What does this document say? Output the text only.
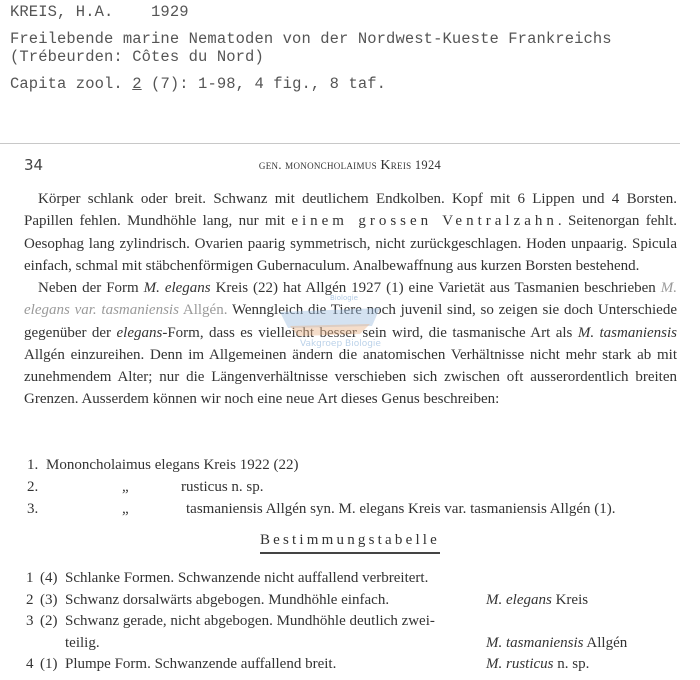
KREIS, H.A. 1929
Freilebende marine Nematoden von der Nordwest-Kueste Frankreichs
(Trébeurden: Côtes du Nord)
Capita zool. 2 (7): 1-98, 4 fig., 8 taf.
34	gen. mononcholaimus Kreis 1924

Körper schlank oder breit. Schwanz mit deutlichem Endkolben. Kopf mit 6 Lippen und 4 Borsten. Papillen fehlen. Mundhöhle lang, nur mit einem grossen Ventralzahn. Seitenorgan fehlt. Oesophag lang zylindrisch. Ovarien paarig symmetrisch, nicht zurückgeschlagen. Hoden unpaarig. Spicula einfach, schmal mit stäbchenförmigen Gubernaculum. Analbewaffnung aus kurzen Borsten bestehend.

Neben der Form M. elegans Kreis (22) hat Allgén 1927 (1) eine Varietät aus Tasmanien beschrieben M. elegans var. tasmaniensis Allgén. Wenngleich die Tiere noch juvenil sind, so zeigen sie doch Unterschiede gegenüber der elegans-Form, dass es vielleicht besser sein wird, die tasmanische Art als M. tasmaniensis Allgén einzureihen. Denn im Allgemeinen ändern die anatomischen Verhältnisse nicht mehr stark ab mit zunehmendem Alter; nur die Längenverhältnisse verschieben sich zwischen oft ausserordentlich breiten Grenzen. Ausserdem können wir noch eine neue Art dieses Genus beschreiben:

1. Mononcholaimus elegans Kreis 1922 (22)
2.	„	rusticus n. sp.
3.	„	tasmaniensis Allgén syn. M. elegans Kreis var. tasmaniensis Allgén (1).
Bestimmungstabelle
1 (4) Schlanke Formen. Schwanzende nicht auffallend verbreitert.
2 (3) Schwanz dorsalwärts abgebogen. Mundhöhle einfach.	M. elegans Kreis
3 (2) Schwanz gerade, nicht abgebogen. Mundhöhle deutlich zwei-
teilig.	M. tasmaniensis Allgén
4 (1) Plumpe Form. Schwanzende auffallend breit.	M. rusticus n. sp.
Biologie
Vakgroep Biologie
